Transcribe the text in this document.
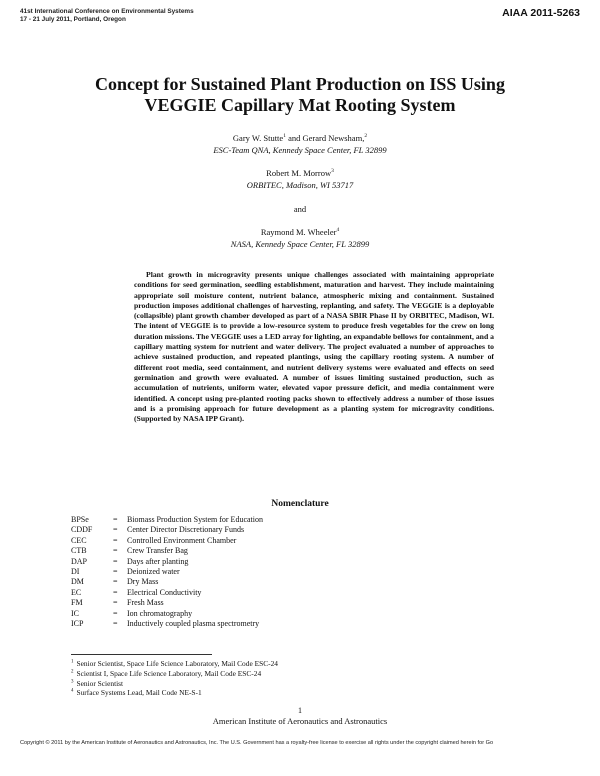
41st International Conference on Environmental Systems
17 - 21 July 2011, Portland, Oregon
AIAA 2011-5263
Concept for Sustained Plant Production on ISS Using
VEGGIE Capillary Mat Rooting System
Gary W. Stutte$^1$ and Gerard Newsham,$^2$
ESC-Team QNA, Kennedy Space Center, FL 32899
Robert M. Morrow$^3$
ORBITEC, Madison, WI 53717
and
Raymond M. Wheeler$^4$
NASA, Kennedy Space Center, FL 32899

Plant growth in microgravity presents unique challenges associated with maintaining appropriate conditions for seed germination, seedling establishment, maturation and harvest. They include maintaining appropriate soil moisture content, nutrient balance, atmospheric mixing and containment. Sustained production imposes additional challenges of harvesting, replanting, and safety. The VEGGIE is a deployable (collapsible) plant growth chamber developed as part of a NASA SBIR Phase II by ORBITEC, Madison, WI. The intent of VEGGIE is to provide a low-resource system to produce fresh vegetables for the crew on long duration missions. The VEGGIE uses a LED array for lighting, an expandable bellows for containment, and a capillary matting system for nutrient and water delivery. The project evaluated a number of approaches to achieve sustained production, and repeated plantings, using the capillary rooting system. A number of different root media, seed containment, and nutrient delivery systems were evaluated and effects on seed germination and growth were evaluated. A number of issues limiting sustained production, such as accumulation of nutrients, uniform water, elevated vapor pressure deficit, and media containment were identified. A concept using pre-planted rooting packs shown to effectively address a number of those issues and is a promising approach for future development as a planting system for microgravity conditions. (Supported by NASA IPP Grant).

Nomenclature
BPSe	=	Biomass Production System for Education
CDDF	=	Center Director Discretionary Funds
CEC	=	Controlled Environment Chamber
CTB	=	Crew Transfer Bag
DAP	=	Days after planting
DI	=	Deionized water
DM	=	Dry Mass
EC	=	Electrical Conductivity
FM	=	Fresh Mass
IC	=	Ion chromatography
ICP	=	Inductively coupled plasma spectrometry
$^1$ Senior Scientist, Space Life Science Laboratory, Mail Code ESC-24
$^2$ Scientist I, Space Life Science Laboratory, Mail Code ESC-24
$^3$ Senior Scientist
$^4$ Surface Systems Lead, Mail Code NE-S-1
1
American Institute of Aeronautics and Astronautics
Copyright © 2011 by the American Institute of Aeronautics and Astronautics, Inc. The U.S. Government has a royalty-free license to exercise all rights under the copyright claimed herein for Go
